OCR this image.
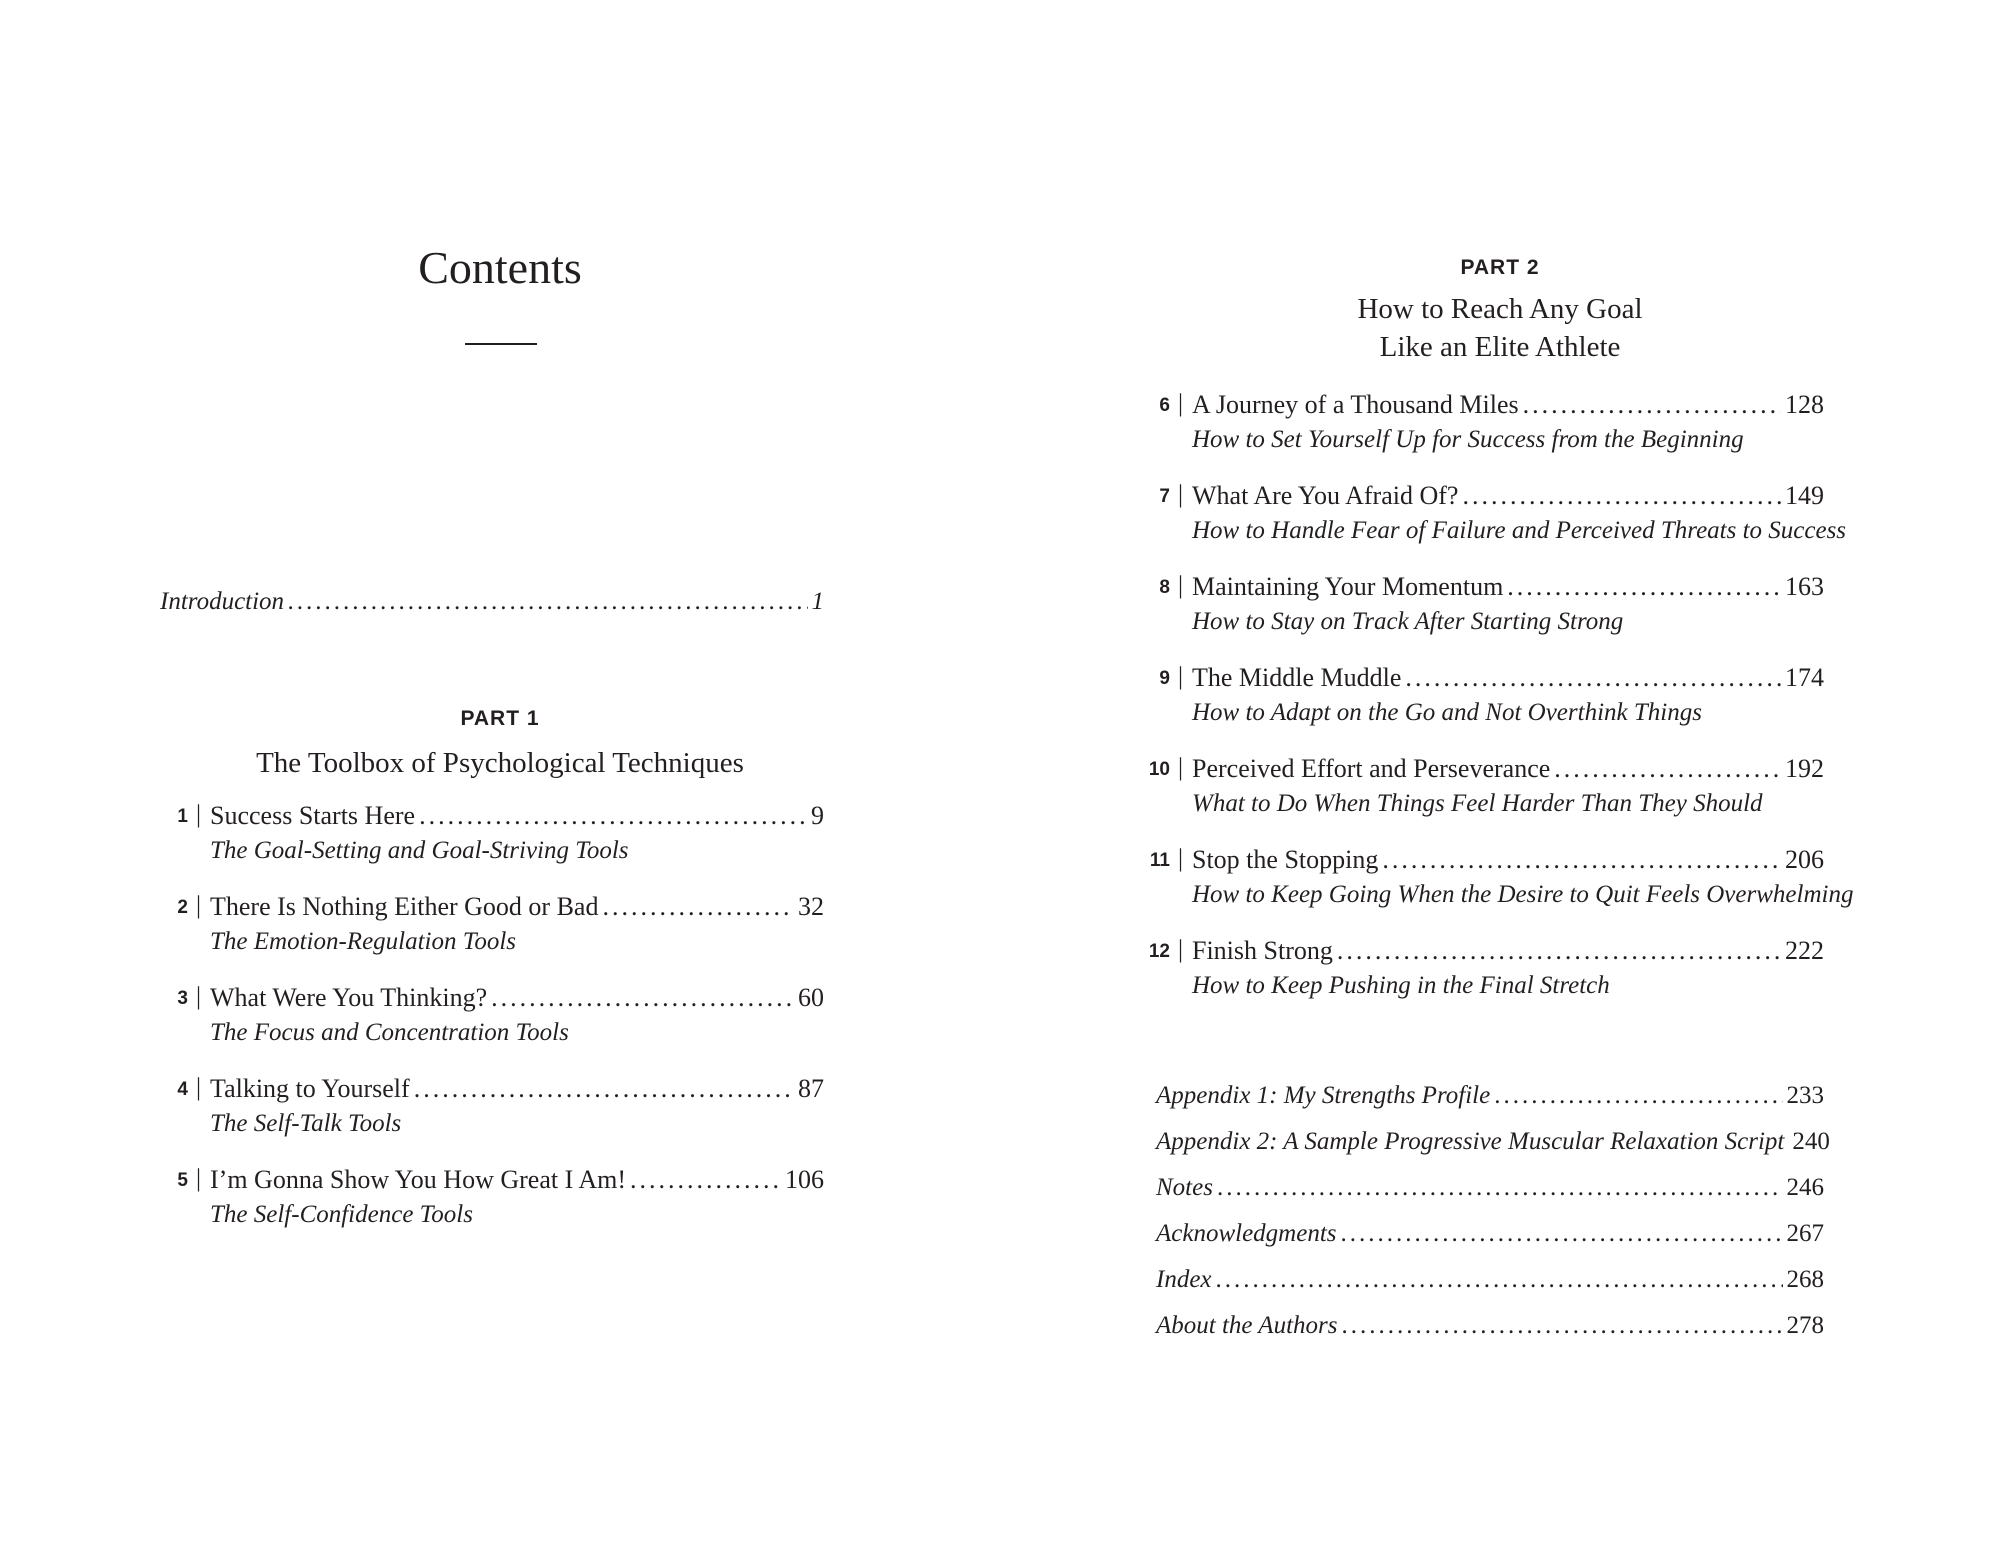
Contents
Introduction .....	1
PART 1
The Toolbox of Psychological Techniques
1 | Success Starts Here .....	9
The Goal-Setting and Goal-Striving Tools
2 | There Is Nothing Either Good or Bad .....	32
The Emotion-Regulation Tools
3 | What Were You Thinking? .....	60
The Focus and Concentration Tools
4 | Talking to Yourself .....	87
The Self-Talk Tools
5 | I’m Gonna Show You How Great I Am! .....	106
The Self-Confidence Tools
PART 2
How to Reach Any Goal
Like an Elite Athlete
6 | A Journey of a Thousand Miles .....	128
How to Set Yourself Up for Success from the Beginning
7 | What Are You Afraid Of? .....	149
How to Handle Fear of Failure and Perceived Threats to Success
8 | Maintaining Your Momentum .....	163
How to Stay on Track After Starting Strong
9 | The Middle Muddle .....	174
How to Adapt on the Go and Not Overthink Things
10 | Perceived Effort and Perseverance .....	192
What to Do When Things Feel Harder Than They Should
11 | Stop the Stopping .....	206
How to Keep Going When the Desire to Quit Feels Overwhelming
12 | Finish Strong .....	222
How to Keep Pushing in the Final Stretch
Appendix 1: My Strengths Profile .....	233
Appendix 2: A Sample Progressive Muscular Relaxation Script 240
Notes .....	246
Acknowledgments .....	267
Index .....	268
About the Authors .....	278
